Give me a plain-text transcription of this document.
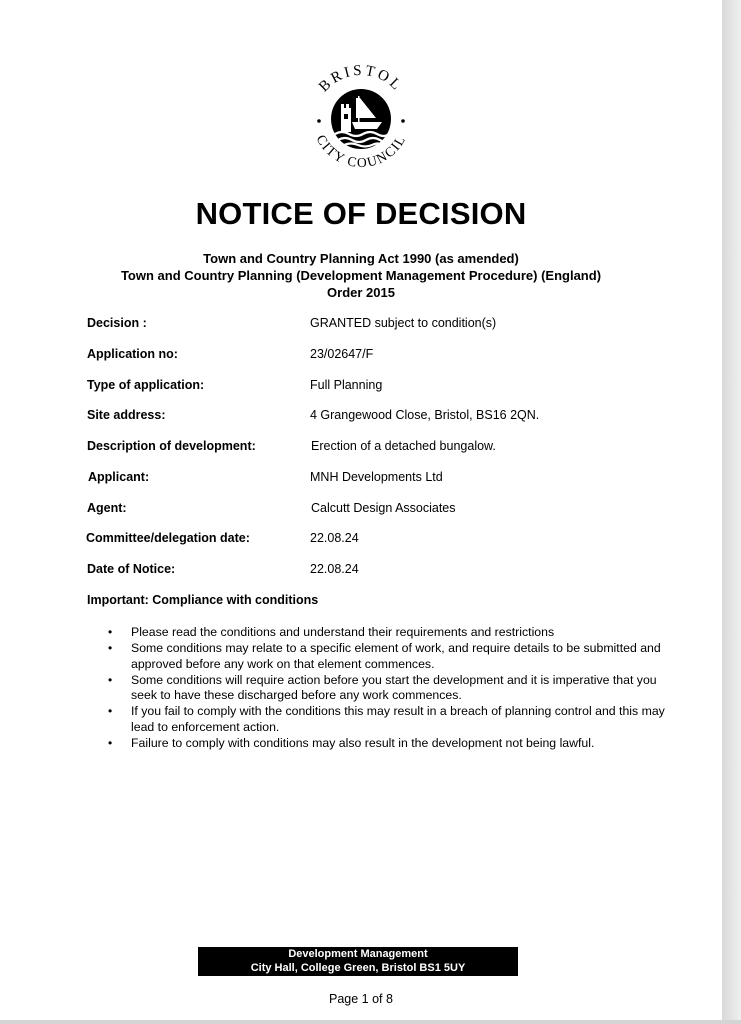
BRISTOL
CITY COUNCIL
NOTICE OF DECISION
Town and Country Planning Act 1990 (as amended)
Town and Country Planning (Development Management Procedure) (England)
Order 2015
Decision :	GRANTED subject to condition(s)
Application no:	23/02647/F
Type of application:	Full Planning
Site address:	4 Grangewood Close, Bristol, BS16 2QN.
Description of development:	Erection of a detached bungalow.
Applicant:	MNH Developments Ltd
Agent:	Calcutt Design Associates
Committee/delegation date:	22.08.24
Date of Notice:	22.08.24
Important: Compliance with conditions
• Please read the conditions and understand their requirements and restrictions
• Some conditions may relate to a specific element of work, and require details to be submitted and approved before any work on that element commences.
• Some conditions will require action before you start the development and it is imperative that you seek to have these discharged before any work commences.
• If you fail to comply with the conditions this may result in a breach of planning control and this may lead to enforcement action.
• Failure to comply with conditions may also result in the development not being lawful.
Development Management
City Hall, College Green, Bristol BS1 5UY
Page 1 of 8
